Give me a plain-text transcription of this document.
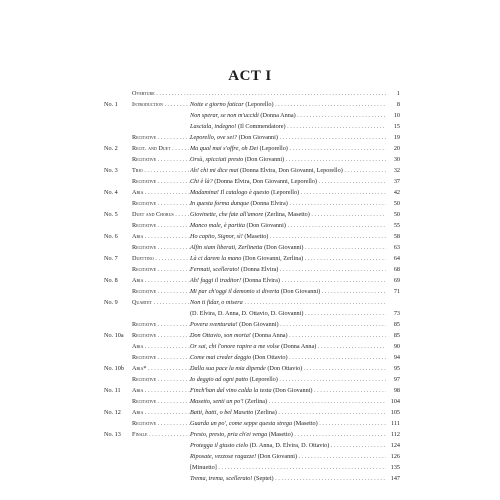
ACT I
Overture . . . . . .	1
No. 1	Introduction . . .	Notte e giorno faticar (Leporello) . . .	8
Non sperar, se non m'uccidi (Donna Anna) . . .	10
Lasciala, indegno! (Il Commendatore) . . .	15
Recitative . . .	Leporello, ove sei? (Don Giovanni) . . .	19
No. 2	Recit. and Duet . . .	Ma qual mai s'offre, oh Dei (Leporello) . . .	20
Recitative . . .	Orsù, spicciati presto (Don Giovanni) . . .	30
No. 3	Trio . . .	Ah! chi mi dice mai (Donna Elvira, Don Giovanni, Leporello) . . .	32
Recitative . . .	Chi è là? (Donna Elvira, Don Giovanni, Leporello) . . .	37
No. 4	Aria . . .	Madamina! Il catalogo è questo (Leporello) . . .	42
Recitative . . .	In questa forma dunque (Donna Elvira) . . .	50
No. 5	Duet and Chorus . . .	Giovinette, che fate all'amore (Zerlina, Masetto) . . .	50
Recitative . . .	Manco male, è partita (Don Giovanni) . . .	55
No. 6	Aria . . .	Ho capito, Signor, sì! (Masetto) . . .	58
Recitative . . .	Alfin siam liberati, Zerlinetta (Don Giovanni) . . .	63
No. 7	Duettino . . .	Là ci darem la mano (Don Giovanni, Zerlina) . . .	64
Recitative . . .	Fermati, scellerato! (Donna Elvira) . . .	68
No. 8	Aria . . .	Ah! fuggi il traditor! (Donna Elvira) . . .	69
Recitative . . .	Mi par ch'oggi il demonio si diverta (Don Giovanni) . . .	71
No. 9	Quartet . . .	Non ti fidar, o misera . . .
(D. Elvira, D. Anna, D. Ottavio, D. Giovanni) . . .	73
Recitative . . .	Povera sventurata! (Don Giovanni) . . .	85
No. 10a Recitative . . .	Don Ottavio, son morta! (Donna Anna) . . .	85
Aria . . .	Or sai, chi l'onore rapire a me volse (Donna Anna) . . .	90
Recitative . . .	Come mai creder deggio (Don Ottavio) . . .	94
No. 10b Aria* . . .	Dalla sua pace la mia dipende (Don Ottavio) . . .	95
Recitative . . .	Io deggio ad ogni patto (Leporello) . . .	97
No. 11	Aria . . .	Finch'han dal vino calda la testa (Don Giovanni) . . .	98
Recitative . . .	Masetto, senti un po'! (Zerlina) . . .	104
No. 12	Aria . . .	Batti, batti, o bel Masetto (Zerlina) . . .	105
Recitative . . .	Guarda un po', come seppe questa strega (Masetto) . . .	111
No. 13	Finale . . .	Presto, presto, pria ch'ei venga (Masetto) . . .	112
Protegga il giusto cielo (D. Anna, D. Elvira, D. Ottavio) . . .	124
Riposate, vezzose ragazze! (Don Giovanni) . . .	126
[Minuetto] . . .	135
Trema, trema, scellerato! (Septet) . . .	147
